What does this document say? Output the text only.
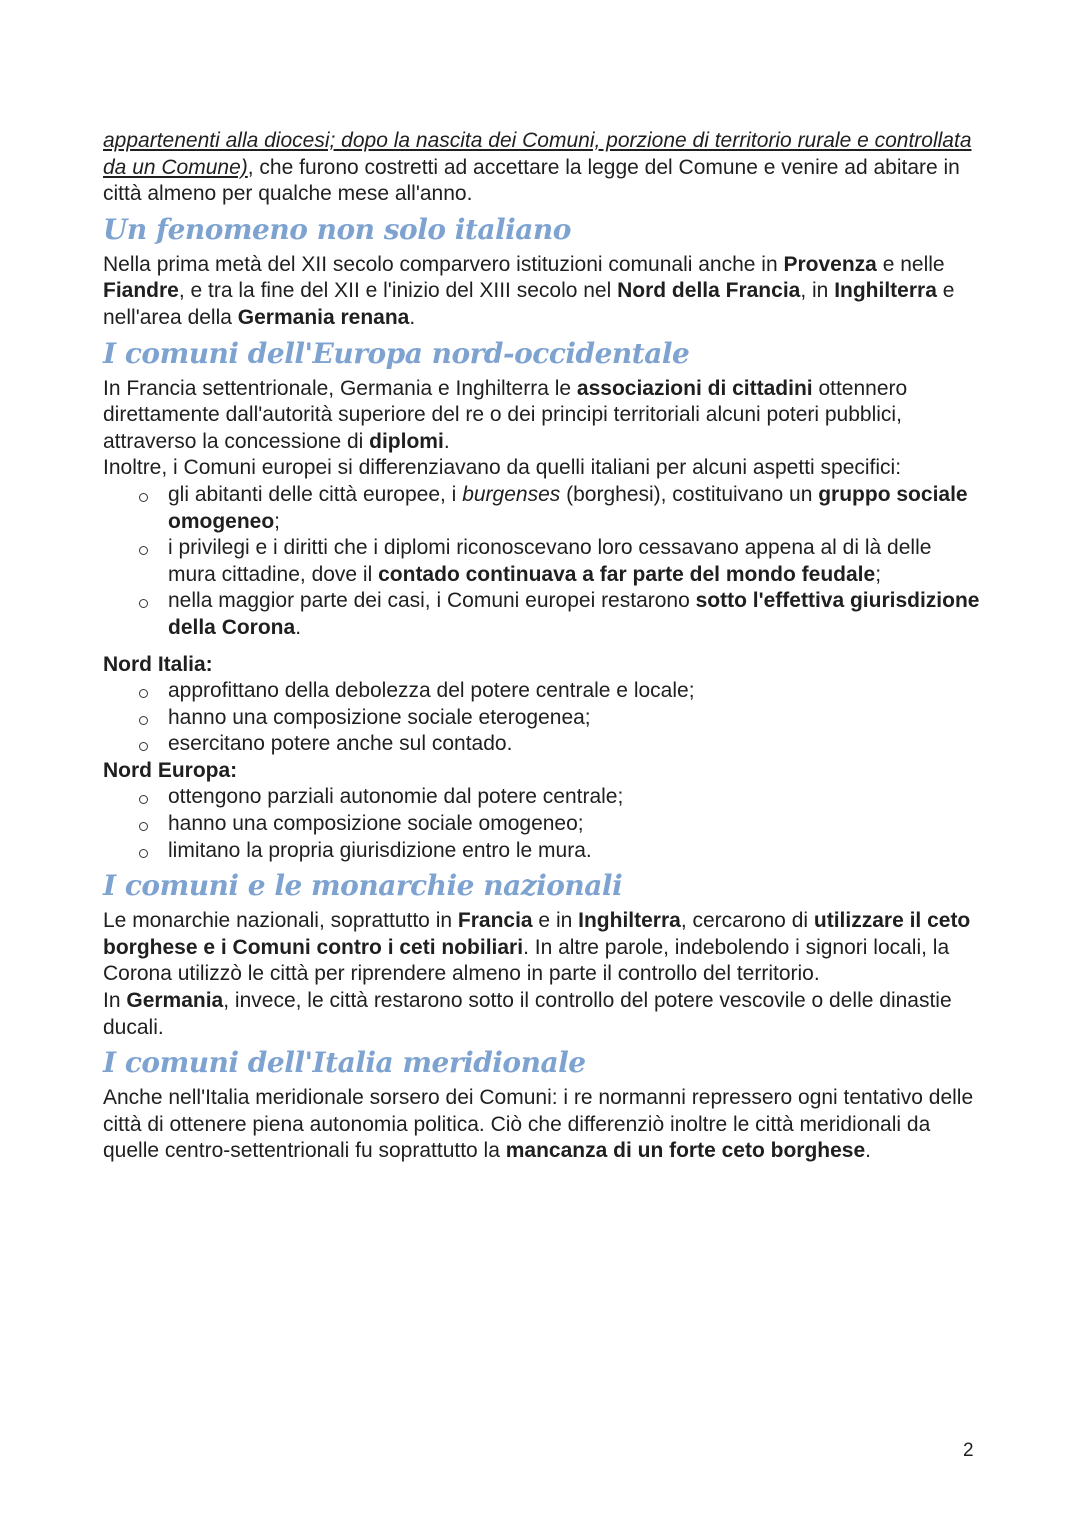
appartenenti alla diocesi; dopo la nascita dei Comuni, porzione di territorio rurale e controllata da un Comune), che furono costretti ad accettare la legge del Comune e venire ad abitare in città almeno per qualche mese all'anno.

Un fenomeno non solo italiano

Nella prima metà del XII secolo comparvero istituzioni comunali anche in Provenza e nelle Fiandre, e tra la fine del XII e l'inizio del XIII secolo nel Nord della Francia, in Inghilterra e nell'area della Germania renana.

I comuni dell'Europa nord-occidentale

In Francia settentrionale, Germania e Inghilterra le associazioni di cittadini ottennero direttamente dall'autorità superiore del re o dei principi territoriali alcuni poteri pubblici, attraverso la concessione di diplomi.

Inoltre, i Comuni europei si differenziavano da quelli italiani per alcuni aspetti specifici:

gli abitanti delle città europee, i burgenses (borghesi), costituivano un gruppo sociale omogeneo;
i privilegi e i diritti che i diplomi riconoscevano loro cessavano appena al di là delle mura cittadine, dove il contado continuava a far parte del mondo feudale;
nella maggior parte dei casi, i Comuni europei restarono sotto l'effettiva giurisdizione della Corona.
Nord Italia:
approfittano della debolezza del potere centrale e locale;
hanno una composizione sociale eterogenea;
esercitano potere anche sul contado.
Nord Europa:
ottengono parziali autonomie dal potere centrale;
hanno una composizione sociale omogeneo;
limitano la propria giurisdizione entro le mura.
I comuni e le monarchie nazionali

Le monarchie nazionali, soprattutto in Francia e in Inghilterra, cercarono di utilizzare il ceto borghese e i Comuni contro i ceti nobiliari. In altre parole, indebolendo i signori locali, la Corona utilizzò le città per riprendere almeno in parte il controllo del territorio.

In Germania, invece, le città restarono sotto il controllo del potere vescovile o delle dinastie ducali.

I comuni dell'Italia meridionale

Anche nell'Italia meridionale sorsero dei Comuni: i re normanni repressero ogni tentativo delle città di ottenere piena autonomia politica. Ciò che differenziò inoltre le città meridionali da quelle centro-settentrionali fu soprattutto la mancanza di un forte ceto borghese.

2
